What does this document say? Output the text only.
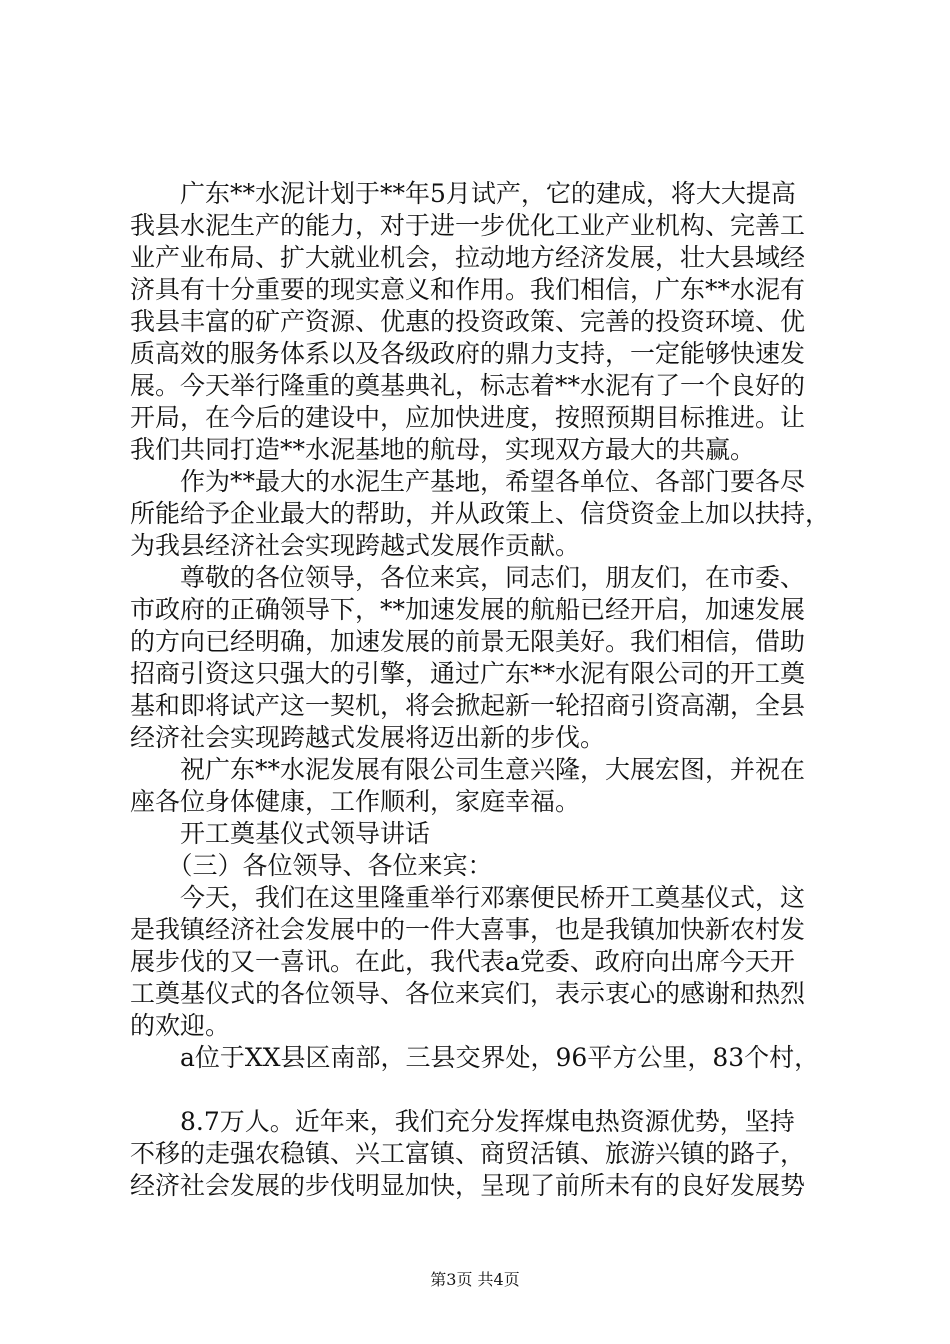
　　广东**水泥计划于**年5月试产，它的建成，将大大提高
我县水泥生产的能力，对于进一步优化工业产业机构、完善工
业产业布局、扩大就业机会，拉动地方经济发展，壮大县域经
济具有十分重要的现实意义和作用。我们相信，广东**水泥有
我县丰富的矿产资源、优惠的投资政策、完善的投资环境、优
质高效的服务体系以及各级政府的鼎力支持，一定能够快速发
展。今天举行隆重的奠基典礼，标志着**水泥有了一个良好的
开局，在今后的建设中，应加快进度，按照预期目标推进。让
我们共同打造**水泥基地的航母，实现双方最大的共赢。
　　作为**最大的水泥生产基地，希望各单位、各部门要各尽
所能给予企业最大的帮助，并从政策上、信贷资金上加以扶持，
为我县经济社会实现跨越式发展作贡献。
　　尊敬的各位领导，各位来宾，同志们，朋友们，在市委、
市政府的正确领导下，**加速发展的航船已经开启，加速发展
的方向已经明确，加速发展的前景无限美好。我们相信，借助
招商引资这只强大的引擎，通过广东**水泥有限公司的开工奠
基和即将试产这一契机，将会掀起新一轮招商引资高潮，全县
经济社会实现跨越式发展将迈出新的步伐。
　　祝广东**水泥发展有限公司生意兴隆，大展宏图，并祝在
座各位身体健康，工作顺利，家庭幸福。
　　开工奠基仪式领导讲话
　　（三）各位领导、各位来宾：
　　今天，我们在这里隆重举行邓寨便民桥开工奠基仪式，这
是我镇经济社会发展中的一件大喜事，也是我镇加快新农村发
展步伐的又一喜讯。在此，我代表a党委、政府向出席今天开
工奠基仪式的各位领导、各位来宾们，表示衷心的感谢和热烈
的欢迎。
　　a位于XX县区南部，三县交界处，96平方公里，83个村，
　　8.7万人。近年来，我们充分发挥煤电热资源优势，坚持
不移的走强农稳镇、兴工富镇、商贸活镇、旅游兴镇的路子，
经济社会发展的步伐明显加快，呈现了前所未有的良好发展势
第3页 共4页
